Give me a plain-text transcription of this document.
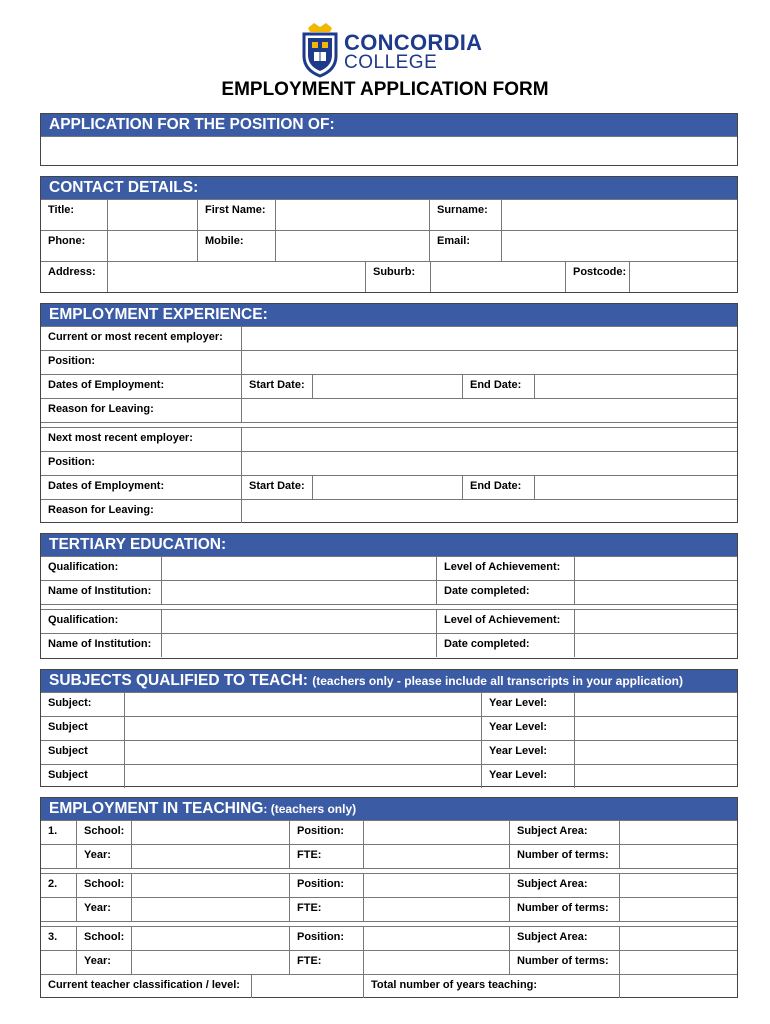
CONCORDIA
COLLEGE
EMPLOYMENT APPLICATION FORM
APPLICATION FOR THE POSITION OF:
CONTACT DETAILS:
Title:	First Name:	Surname:
Phone:	Mobile:	Email:
Address:	Suburb:	Postcode:
EMPLOYMENT EXPERIENCE:
Current or most recent employer:
Position:
Dates of Employment:	Start Date:	End Date:
Reason for Leaving:
Next most recent employer:
Position:
Dates of Employment:	Start Date:	End Date:
Reason for Leaving:
TERTIARY EDUCATION:
Qualification:	Level of Achievement:
Name of Institution:	Date completed:
Qualification:	Level of Achievement:
Name of Institution:	Date completed:
SUBJECTS QUALIFIED TO TEACH: (teachers only - please include all transcripts in your application)
Subject:	Year Level:
Subject	Year Level:
Subject	Year Level:
Subject	Year Level:
EMPLOYMENT IN TEACHING: (teachers only)
1.	School:	Position:	Subject Area:
Year:	FTE:	Number of terms:
2.	School:	Position:	Subject Area:
Year:	FTE:	Number of terms:
3.	School:	Position:	Subject Area:
Year:	FTE:	Number of terms:
Current teacher classification / level:	Total number of years teaching:
